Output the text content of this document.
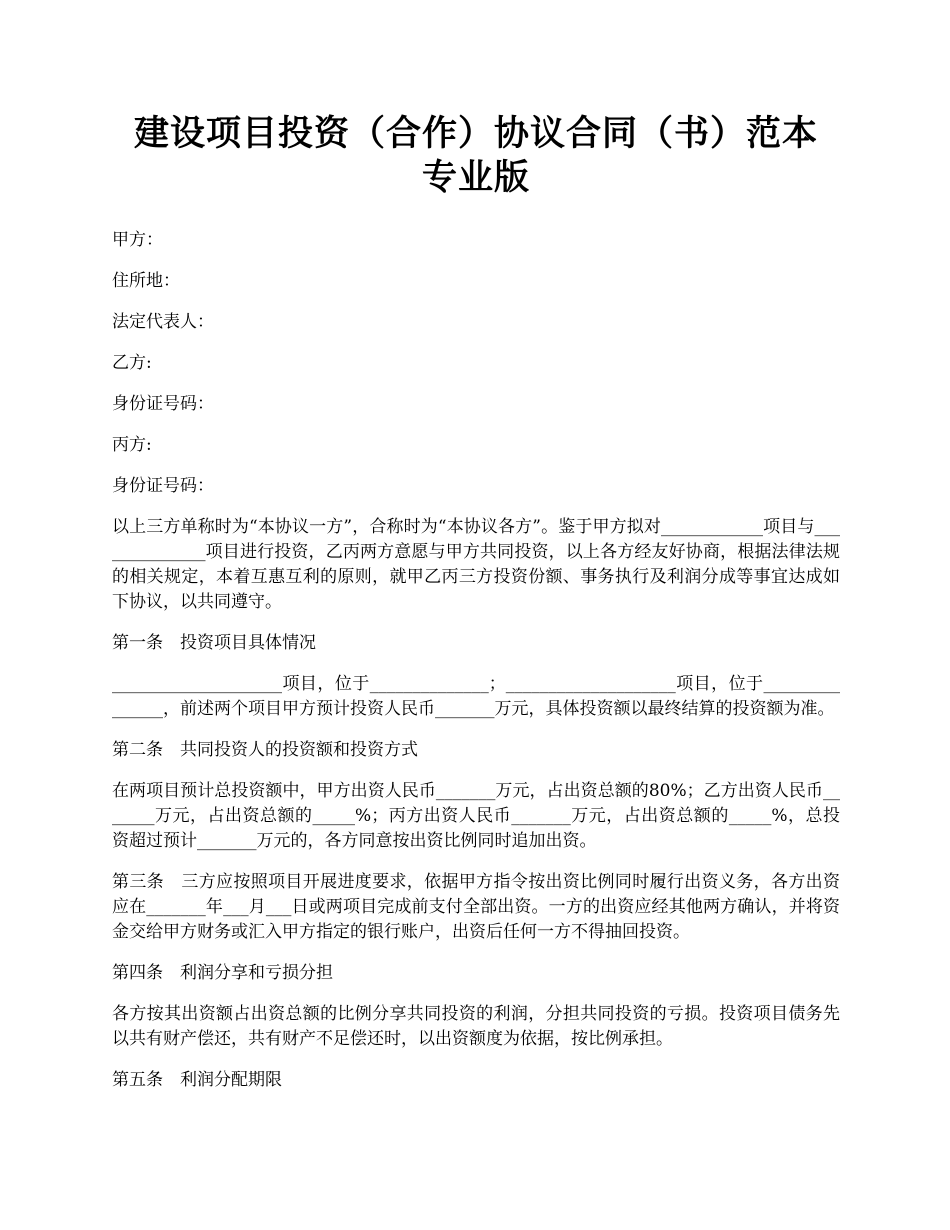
建设项目投资（合作）协议合同（书）范本
专业版

甲方：

住所地：

法定代表人：

乙方:

身份证号码：

丙方:

身份证号码：

以上三方单称时为“本协议一方”，合称时为“本协议各方”。鉴于甲方拟对____________项目与______________项目进行投资，乙丙两方意愿与甲方共同投资，以上各方经友好协商，根据法律法规的相关规定，本着互惠互利的原则，就甲乙丙三方投资份额、事务执行及利润分成等事宜达成如下协议，以共同遵守。

第一条　投资项目具体情况

____________________项目，位于______________；____________________项目，位于_______________，前述两个项目甲方预计投资人民币_______万元，具体投资额以最终结算的投资额为准。

第二条　共同投资人的投资额和投资方式

在两项目预计总投资额中，甲方出资人民币_______万元，占出资总额的80%；乙方出资人民币_______万元，占出资总额的_____%；丙方出资人民币_______万元，占出资总额的_____%，总投资超过预计_______万元的，各方同意按出资比例同时追加出资。

第三条　三方应按照项目开展进度要求，依据甲方指令按出资比例同时履行出资义务，各方出资应在_______年___月___日或两项目完成前支付全部出资。一方的出资应经其他两方确认，并将资金交给甲方财务或汇入甲方指定的银行账户，出资后任何一方不得抽回投资。

第四条　利润分享和亏损分担

各方按其出资额占出资总额的比例分享共同投资的利润，分担共同投资的亏损。投资项目债务先以共有财产偿还，共有财产不足偿还时，以出资额度为依据，按比例承担。

第五条　利润分配期限
